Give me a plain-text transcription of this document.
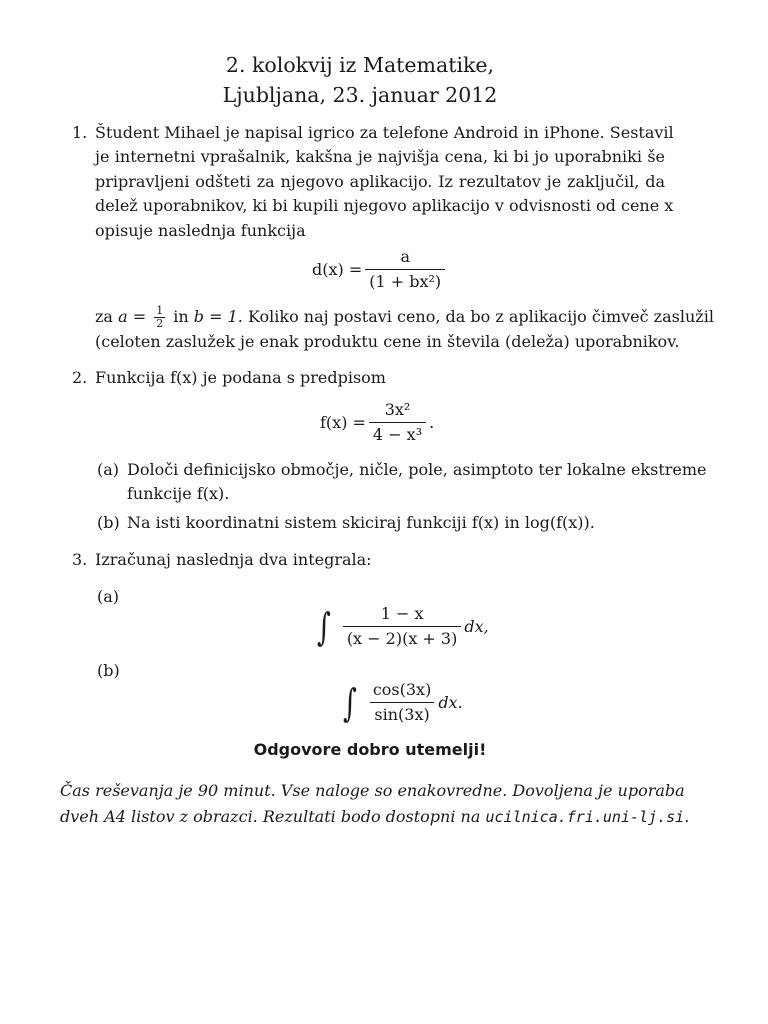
2. kolokvij iz Matematike,
Ljubljana, 23. januar 2012
1. Študent Mihael je napisal igrico za telefone Android in iPhone. Sestavil
je internetni vprašalnik, kakšna je najvišja cena, ki bi jo uporabniki še
pripravljeni odšteti za njegovo aplikacijo. Iz rezultatov je zaključil, da
delež uporabnikov, ki bi kupili njegovo aplikacijo v odvisnosti od cene x
opisuje naslednja funkcija
$d(x) = \frac{a}{\text{(1 + bx²)}}$
za $a = \frac{1}{2}$ in b = 1. Koliko naj postavi ceno, da bo z aplikacijo čimveč zaslužil
(celoten zaslužek je enak produktu cene in števila (deleža) uporabnikov.
2. Funkcija f(x) je podana s predpisom
$f(x) = \frac{\text{3x²}}{\text{4 − x³}}$ .
(a) Določi definicijsko območje, ničle, pole, asimptoto ter lokalne ekstreme
funkcije f(x).
(b) Na isti koordinatni sistem skiciraj funkciji f(x) in log(f(x)).
3. Izračunaj naslednja dva integrala:
(a)
∫ $\frac{1 - x}{(x - 2)(x + 3)}$ dx,
(b)
∫ $\frac{\cos(3x)}{\sin(3x)}$ dx.
Odgovore dobro utemelji!
Čas reševanja je 90 minut. Vse naloge so enakovredne. Dovoljena je uporaba
dveh A4 listov z obrazci. Rezultati bodo dostopni na ucilnica.fri.uni-lj.si.
